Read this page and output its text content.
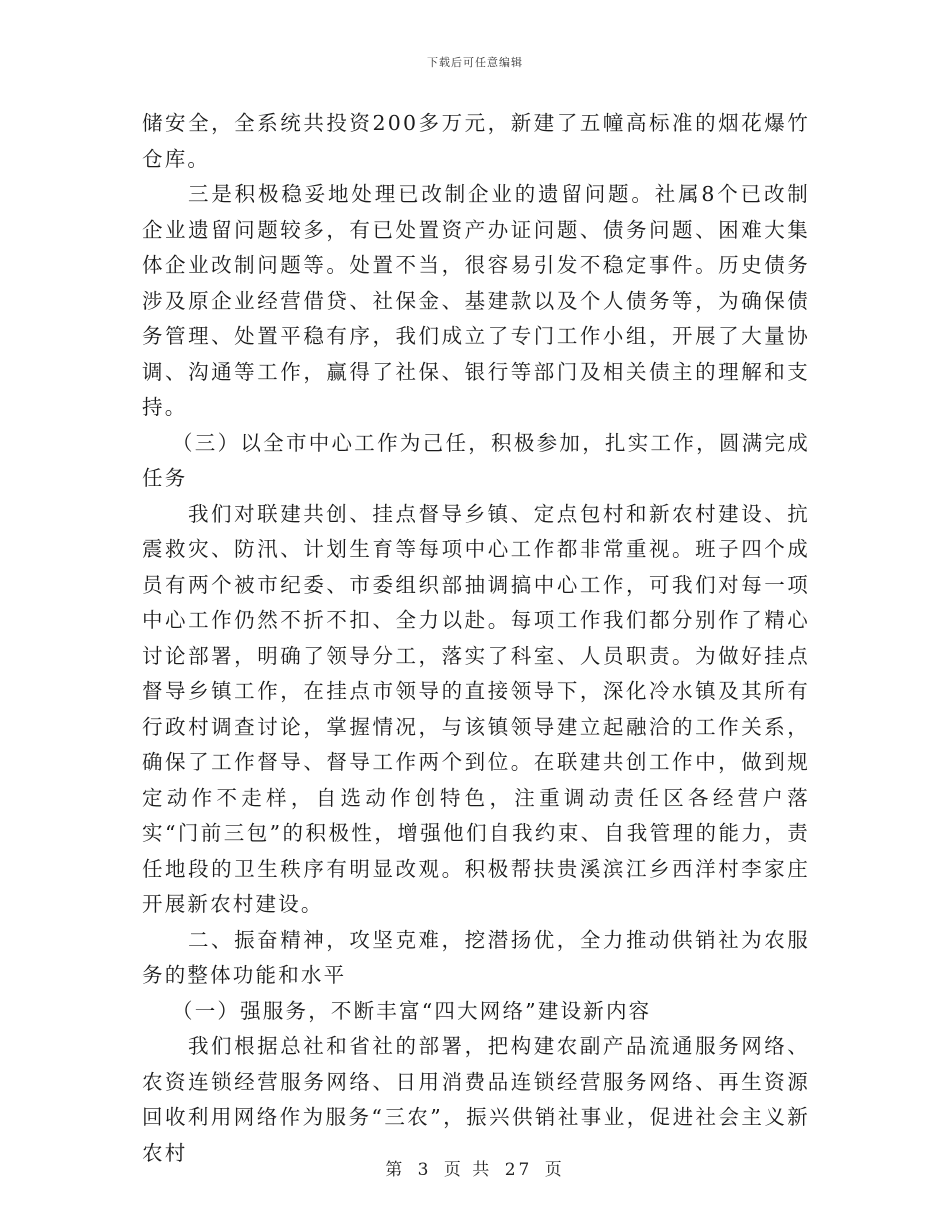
下载后可任意编辑

储安全，全系统共投资200多万元，新建了五幢高标准的烟花爆竹仓库。

三是积极稳妥地处理已改制企业的遗留问题。社属8个已改制企业遗留问题较多，有已处置资产办证问题、债务问题、困难大集体企业改制问题等。处置不当，很容易引发不稳定事件。历史债务涉及原企业经营借贷、社保金、基建款以及个人债务等，为确保债务管理、处置平稳有序，我们成立了专门工作小组，开展了大量协调、沟通等工作，赢得了社保、银行等部门及相关债主的理解和支持。

（三）以全市中心工作为己任，积极参加，扎实工作，圆满完成任务

我们对联建共创、挂点督导乡镇、定点包村和新农村建设、抗震救灾、防汛、计划生育等每项中心工作都非常重视。班子四个成员有两个被市纪委、市委组织部抽调搞中心工作，可我们对每一项中心工作仍然不折不扣、全力以赴。每项工作我们都分别作了精心讨论部署，明确了领导分工，落实了科室、人员职责。为做好挂点督导乡镇工作，在挂点市领导的直接领导下，深化冷水镇及其所有行政村调查讨论，掌握情况，与该镇领导建立起融洽的工作关系，确保了工作督导、督导工作两个到位。在联建共创工作中，做到规定动作不走样，自选动作创特色，注重调动责任区各经营户落实“门前三包”的积极性，增强他们自我约束、自我管理的能力，责任地段的卫生秩序有明显改观。积极帮扶贵溪滨江乡西洋村李家庄开展新农村建设。

二、振奋精神，攻坚克难，挖潜扬优，全力推动供销社为农服务的整体功能和水平

（一）强服务，不断丰富“四大网络”建设新内容

我们根据总社和省社的部署，把构建农副产品流通服务网络、农资连锁经营服务网络、日用消费品连锁经营服务网络、再生资源回收利用网络作为服务“三农”，振兴供销社事业，促进社会主义新农村

第 3 页 共 27 页
